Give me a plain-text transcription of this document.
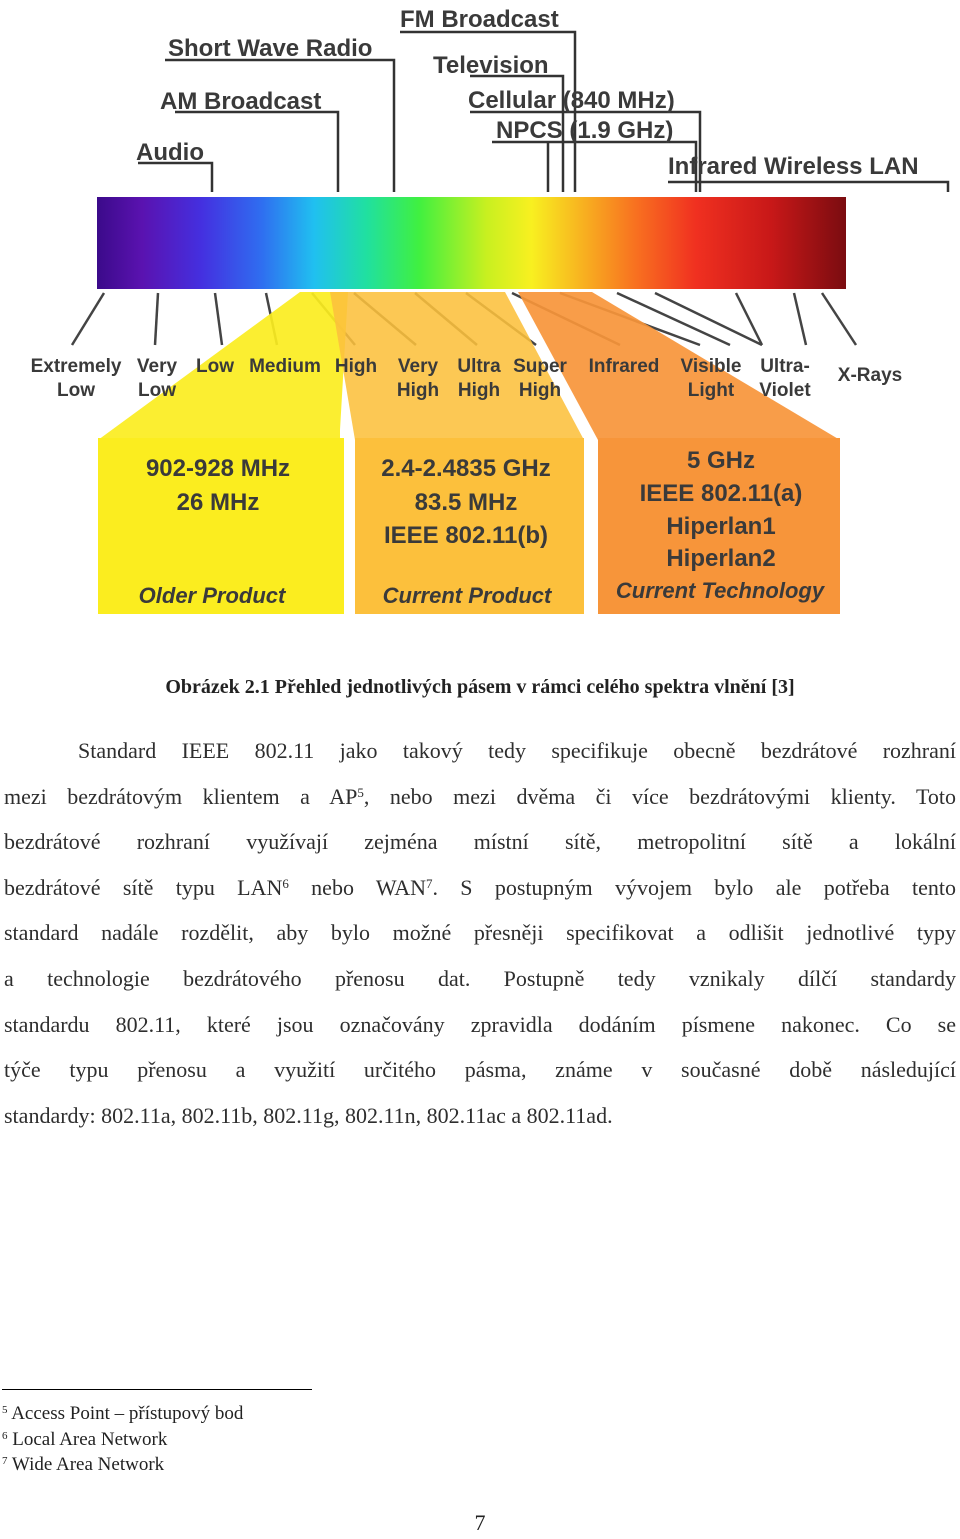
FM Broadcast
Short Wave Radio
Television
AM Broadcast	Cellular (840 MHz)
NPCS (1.9 GHz)
Audio
Infrared Wireless LAN
Extremely
Low
Very
Low
Low Medium High Very
High
Ultra
High
Super
High
Infrared Visible
Light
Ultra-
Violet
X-Rays
902-928 MHz
26 MHz
Older Product
2.4-2.4835 GHz
83.5 MHz
IEEE 802.11(b)
Current Product
5 GHz
IEEE 802.11(a)
Hiperlan1
Hiperlan2
Current Technology
Obrázek 2.1 Přehled jednotlivých pásem v rámci celého spektra vlnění [3]
Standard IEEE 802.11 jako takový tedy specifikuje obecně bezdrátové rozhraní
mezi bezdrátovým klientem a $AP^5$, nebo mezi dvěma či více bezdrátovými klienty. Toto
bezdrátové rozhraní využívají zejména místní sítě, metropolitní sítě a lokální
bezdrátové sítě typu LAN$^6$ nebo WAN$^7$. S postupným vývojem bylo ale potřeba tento
standard nadále rozdělit, aby bylo možné přesněji specifikovat a odlišit jednotlivé typy
a technologie bezdrátového přenosu dat. Postupně tedy vznikaly dílčí standardy
standardu 802.11, které jsou označovány zpravidla dodáním písmene nakonec. Co se
týče typu přenosu a využití určitého pásma, známe v současné době následující
standardy: 802.11a, 802.11b, 802.11g, 802.11n, 802.11ac a 802.11ad.
$^5$ Access Point – přístupový bod
$^6$ Local Area Network
$^7$ Wide Area Network
7
